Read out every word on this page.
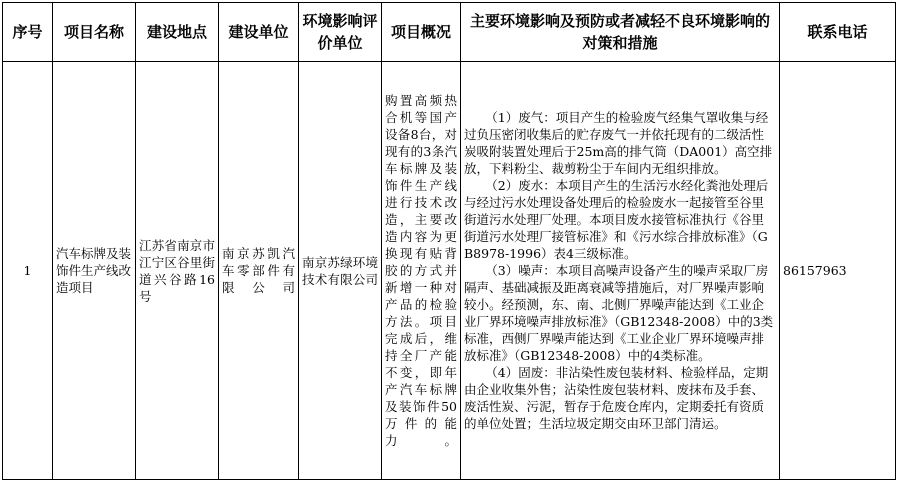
序号	项目名称	建设地点	建设单位	环境影响评价单位	项目概况	主要环境影响及预防或者减轻不良环境影响的对策和措施	联系电话
1	汽车标牌及装饰件生产线改造项目	江苏省南京市江宁区谷里街道兴谷路16号	南京苏凯汽车零部件有限公司	南京苏绿环境技术有限公司	购置高频热合机等国产设备8台，对现有的3条汽车标牌及装饰件生产线进行技术改造，主要改造内容为更换现有贴背胶的方式并新增一种对产品的检验方法。项目完成后，维持全厂产能不变，即年产汽车标牌及装饰件50万件的能力。	（1）废气：项目产生的检验废气经集气罩收集与经过负压密闭收集后的贮存废气一并依托现有的二级活性炭吸附装置处理后于25m高的排气筒（DA001）高空排放，下料粉尘、裁剪粉尘于车间内无组织排放。

（2）废水：本项目产生的生活污水经化粪池处理后与经过污水处理设备处理后的检验废水一起接管至谷里街道污水处理厂处理。本项目废水接管标准执行《谷里街道污水处理厂接管标准》和《污水综合排放标准》（GB8978-1996）表4三级标准。

（3）噪声：本项目高噪声设备产生的噪声采取厂房隔声、基础减振及距离衰减等措施后，对厂界噪声影响较小。经预测，东、南、北侧厂界噪声能达到《工业企业厂界环境噪声排放标准》（GB12348-2008）中的3类标准，西侧厂界噪声能达到《工业企业厂界环境噪声排放标准》（GB12348-2008）中的4类标准。

（4）固废：非沾染性废包装材料、检验样品，定期由企业收集外售；沾染性废包装材料、废抹布及手套、废活性炭、污泥，暂存于危废仓库内，定期委托有资质的单位处置；生活垃圾定期交由环卫部门清运。	86157963
